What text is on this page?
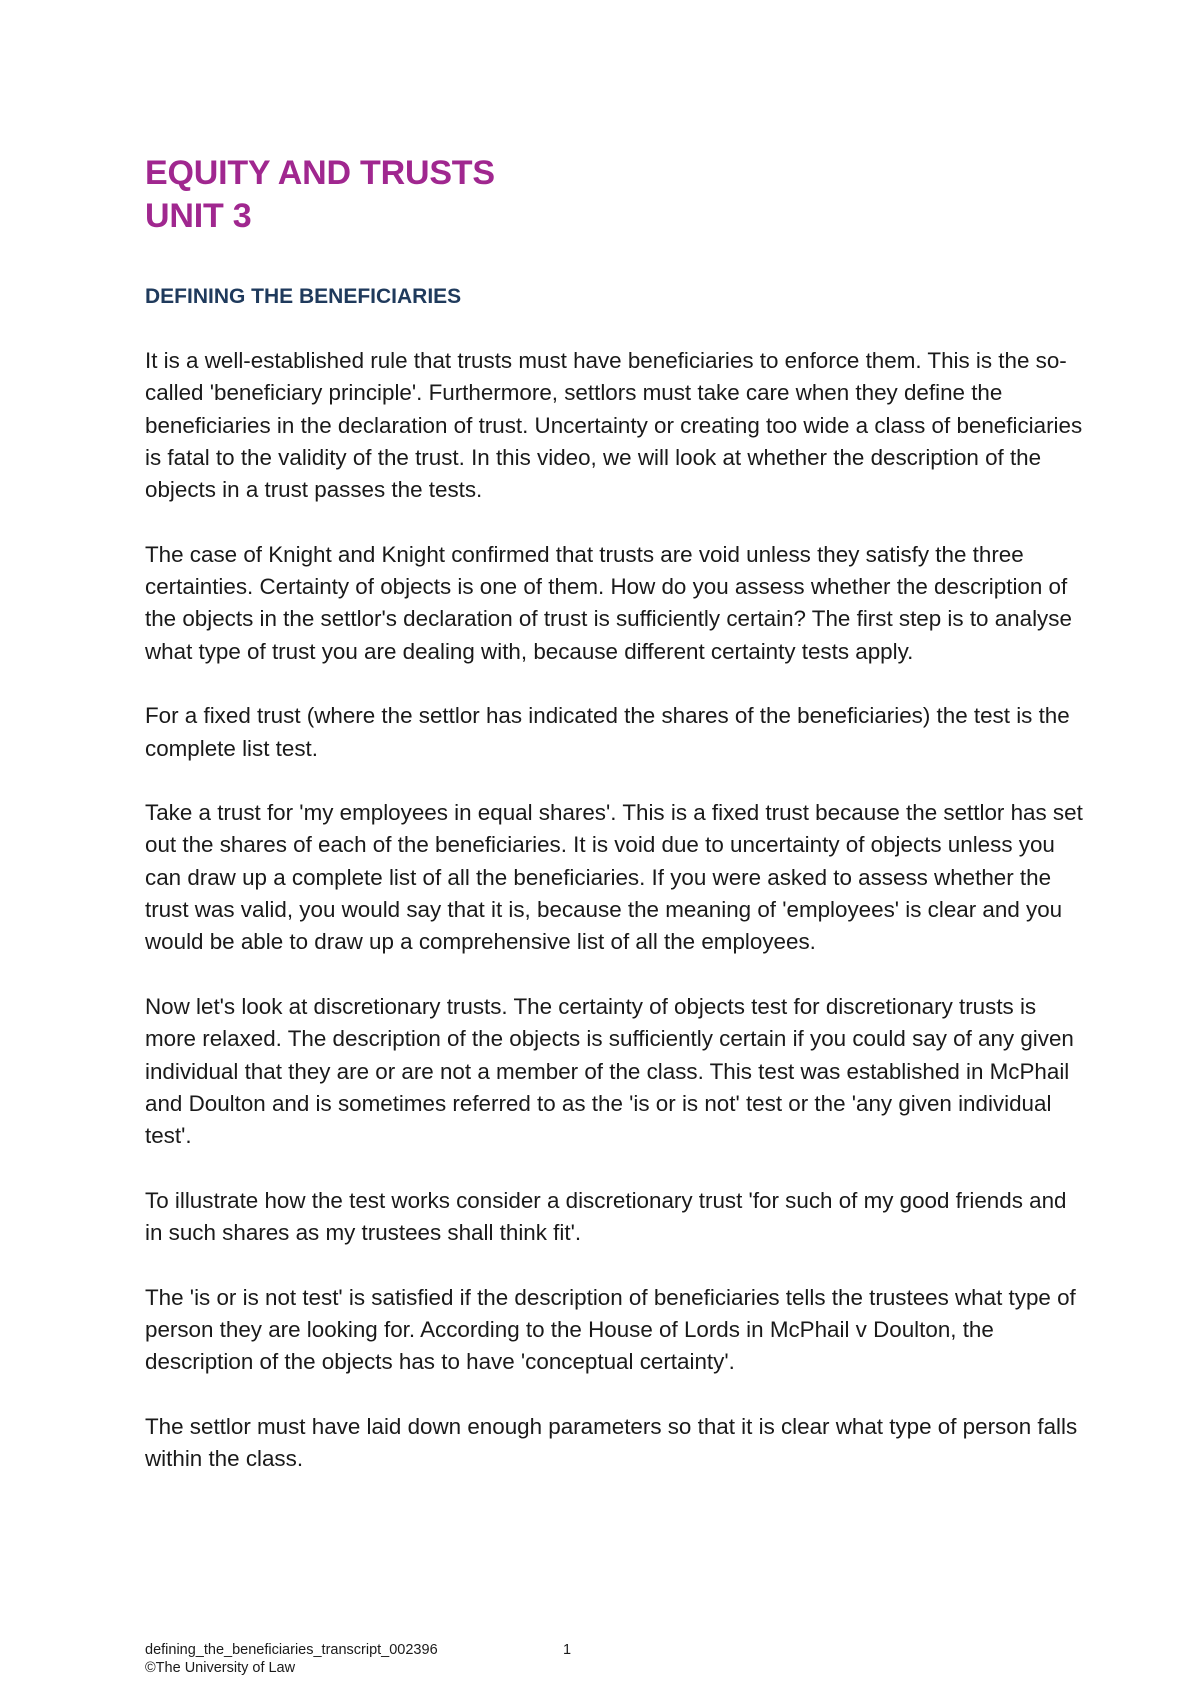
EQUITY AND TRUSTS
UNIT 3
DEFINING THE BENEFICIARIES

It is a well-established rule that trusts must have beneficiaries to enforce them. This is the so-called 'beneficiary principle'. Furthermore, settlors must take care when they define the beneficiaries in the declaration of trust. Uncertainty or creating too wide a class of beneficiaries is fatal to the validity of the trust. In this video, we will look at whether the description of the objects in a trust passes the tests.

The case of Knight and Knight confirmed that trusts are void unless they satisfy the three certainties. Certainty of objects is one of them. How do you assess whether the description of the objects in the settlor's declaration of trust is sufficiently certain? The first step is to analyse what type of trust you are dealing with, because different certainty tests apply.

For a fixed trust (where the settlor has indicated the shares of the beneficiaries) the test is the complete list test.

Take a trust for 'my employees in equal shares'. This is a fixed trust because the settlor has set out the shares of each of the beneficiaries. It is void due to uncertainty of objects unless you can draw up a complete list of all the beneficiaries. If you were asked to assess whether the trust was valid, you would say that it is, because the meaning of 'employees' is clear and you would be able to draw up a comprehensive list of all the employees.

Now let's look at discretionary trusts. The certainty of objects test for discretionary trusts is more relaxed. The description of the objects is sufficiently certain if you could say of any given individual that they are or are not a member of the class. This test was established in McPhail and Doulton and is sometimes referred to as the 'is or is not' test or the 'any given individual test'.

To illustrate how the test works consider a discretionary trust 'for such of my good friends and in such shares as my trustees shall think fit'.

The 'is or is not test' is satisfied if the description of beneficiaries tells the trustees what type of person they are looking for. According to the House of Lords in McPhail v Doulton, the description of the objects has to have 'conceptual certainty'.

The settlor must have laid down enough parameters so that it is clear what type of person falls within the class.

defining_the_beneficiaries_transcript_002396	1
©The University of Law
